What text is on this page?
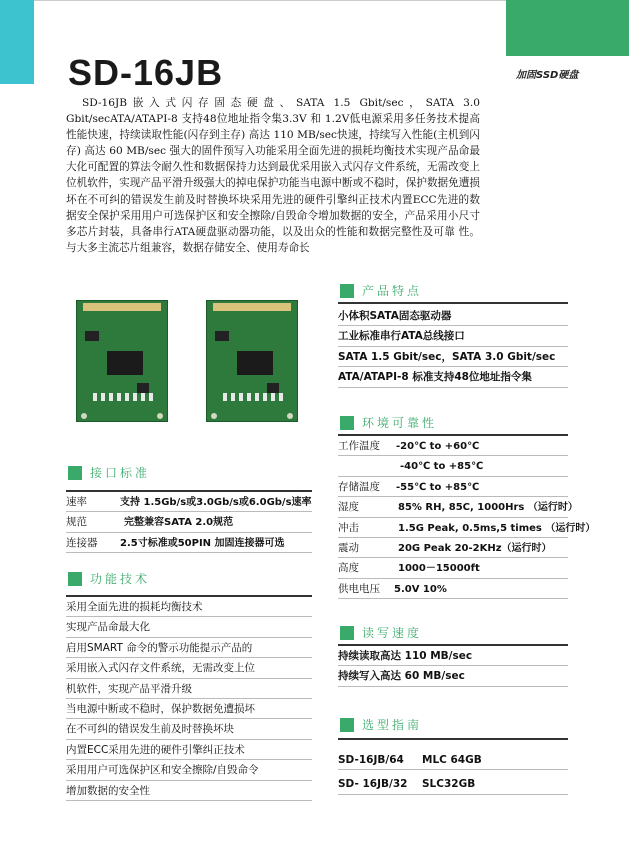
加固SSD硬盘
SD-16JB
SD-16JB嵌入式闪存固态硬盘、SATA 1.5 Gbit/sec，SATA 3.0 Gbit/secATA/ATAPI-8 支持48位地址指令集3.3V 和 1.2V低电源采用多任务技术提高性能快速，持续读取性能(闪存到主存) 高达 110 MB/sec快速，持续写入性能(主机到闪存) 高达 60 MB/sec 强大的固件预写入功能采用全面先进的损耗均衡技术实现产品命最大化可配置的算法令耐久性和数据保持力达到最优采用嵌入式闪存文件系统，无需改变上位机软件，实现产品平滑升级强大的掉电保护功能当电源中断或不稳时，保护数据免遭损坏在不可纠的错误发生前及时替换坏块采用先进的硬件引擎纠正技术内置ECC先进的数据安全保护采用用户可选保护区和安全擦除/自毁命令增加数据的安全，产品采用小尺寸多芯片封装，具备串行ATA硬盘驱动器功能，以及出众的性能和数据完整性及可靠 性。与大多主流芯片组兼容，数据存储安全、使用寿命长
接口标准
速率	支持 1.5Gb/s或3.0Gb/s或6.0Gb/s速率
规范	完整兼容SATA 2.0规范
连接器 2.5寸标准或50PIN 加固连接器可选
功能技术
采用全面先进的损耗均衡技术
实现产品命最大化
启用SMART 命令的警示功能提示产品的
采用嵌入式闪存文件系统，无需改变上位
机软件，实现产品平滑升级
当电源中断或不稳时，保护数据免遭损坏
在不可纠的错误发生前及时替换坏块
内置ECC采用先进的硬件引擎纠正技术
采用用户可选保护区和安全擦除/自毁命令
增加数据的安全性
产品特点
小体积SATA固态驱动器
工业标准串行ATA总线接口
SATA 1.5 Gbit/sec，SATA 3.0 Gbit/sec
ATA/ATAPI-8 标准支持48位地址指令集
环境可靠性
工作温度 -20℃ to +60℃
-40℃ to +85℃
存储温度 -55℃ to +85℃
湿度	85% RH, 85C, 1000Hrs （运行时）
冲击	1.5G Peak, 0.5ms,5 times （运行时）
震动	20G Peak 20-2KHz（运行时）
高度	1000－15000ft
供电电压 5.0V 10%
读写速度
持续读取高达 110 MB/sec
持续写入高达 60 MB/sec
选型指南
SD-16JB/64 MLC 64GB
SD- 16JB/32 SLC32GB
